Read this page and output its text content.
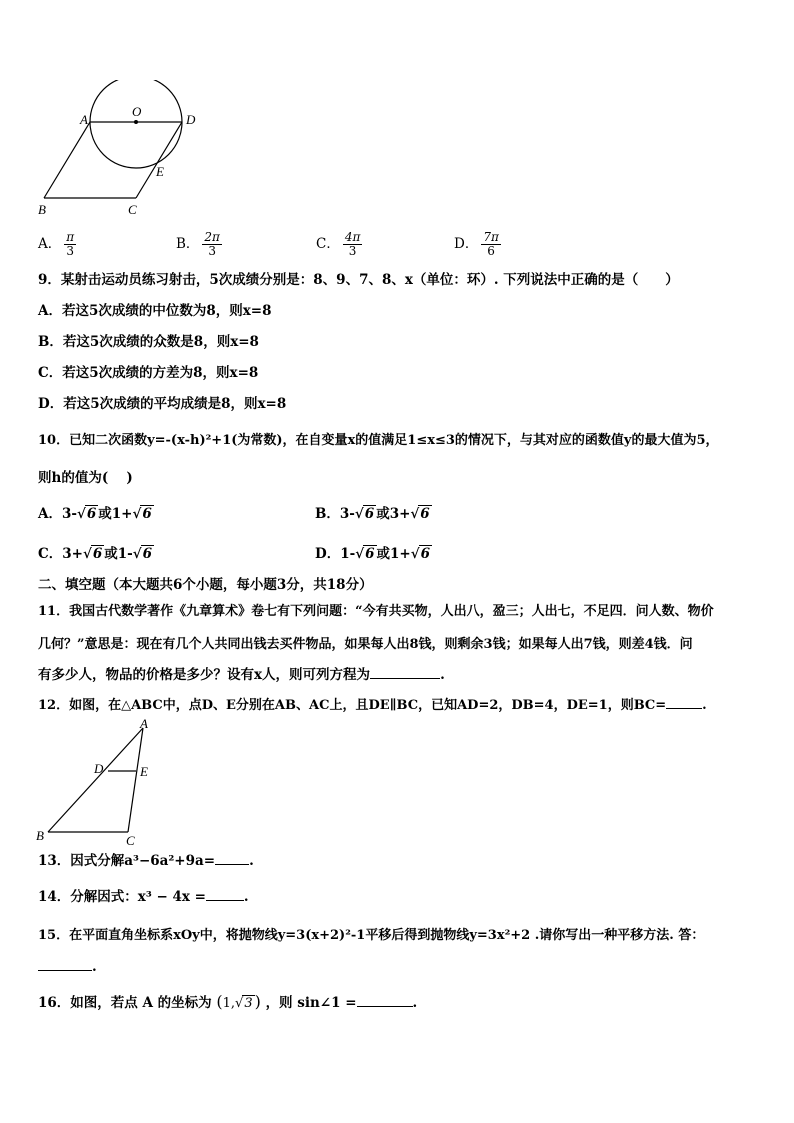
O
A	D
E
B	C
A． $\frac{\pi}{3}$	B． $\frac{2\pi}{3}$	C． $\frac{4\pi}{3}$	D． $\frac{7\pi}{6}$
9．某射击运动员练习射击，5次成绩分别是：8、9、7、8、x（单位：环）. 下列说法中正确的是（　　）
A．若这5次成绩的中位数为8，则x=8
B．若这5次成绩的众数是8，则x=8
C．若这5次成绩的方差为8，则x=8
D．若这5次成绩的平均成绩是8，则x=8
10．已知二次函数y=-(x-h)²+1(为常数)，在自变量x的值满足1≤x≤3的情况下，与其对应的函数值y的最大值为5，
则h的值为(　 )
A．3-√6 或1+√6	B．3-√6 或3+√6
C．3+√6 或1-√6	D．1-√6 或1+√6
二、填空题（本大题共6个小题，每小题3分，共18分）
11．我国古代数学著作《九章算术》卷七有下列问题：“今有共买物，人出八，盈三；人出七，不足四．问人数、物价
几何？”意思是：现在有几个人共同出钱去买件物品，如果每人出8钱，则剩余3钱；如果每人出7钱，则差4钱．问
有多少人，物品的价格是多少？设有x人，则可列方程为	.
12．如图，在△ABC中，点D、E分别在AB、AC上，且DE∥BC，已知AD=2，DB=4，DE=1，则BC=	.
A
D	E
B	C
13．因式分解a³−6a²+9a=	.
14．分解因式：x³ − 4x =	.
15．在平面直角坐标系xOy中，将抛物线y=3(x+2)²-1平移后得到抛物线y=3x²+2 .请你写出一种平移方法. 答：
.
16．如图，若点 A 的坐标为 (1,√3 ) ，则 sin∠1 =	.
